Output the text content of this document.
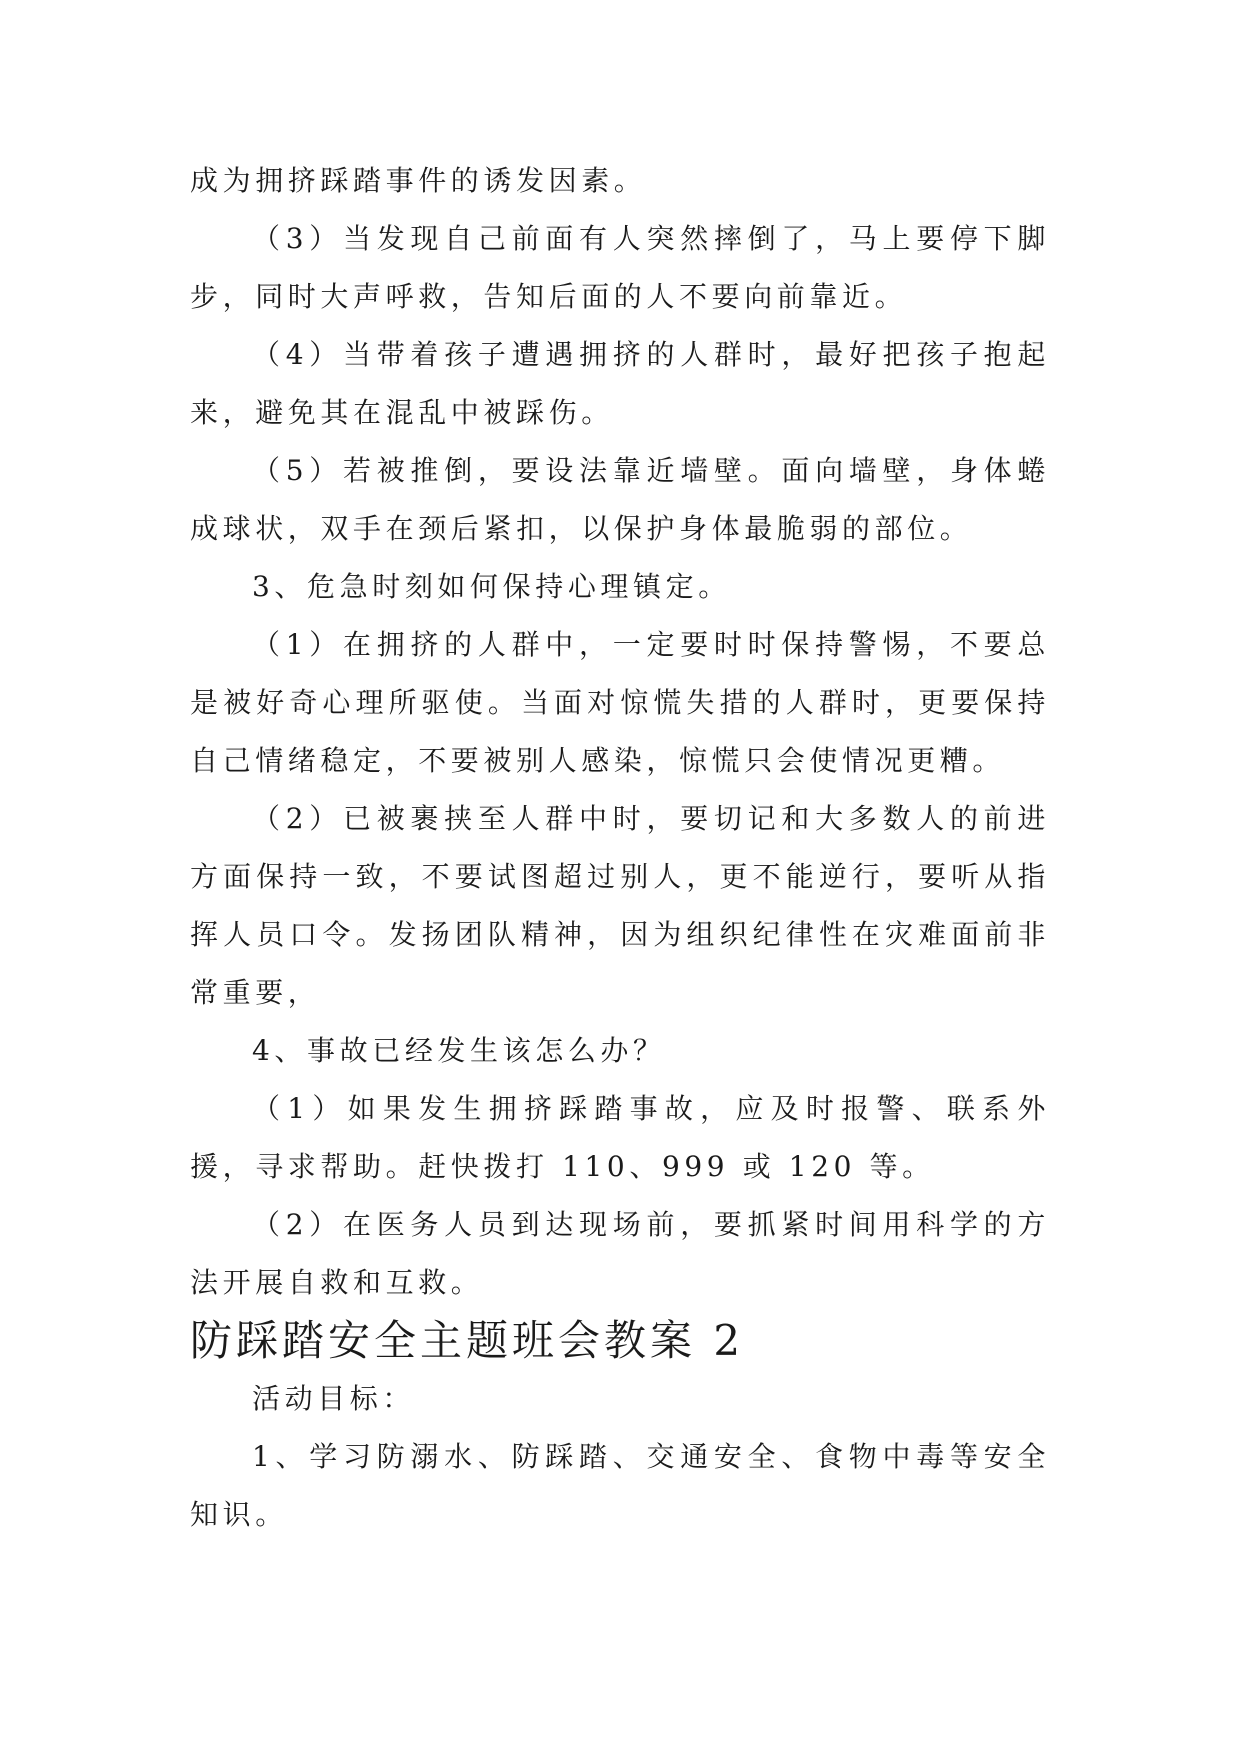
成为拥挤踩踏事件的诱发因素。

（3）当发现自己前面有人突然摔倒了，马上要停下脚步，同时大声呼救，告知后面的人不要向前靠近。

（4）当带着孩子遭遇拥挤的人群时，最好把孩子抱起来，避免其在混乱中被踩伤。

（5）若被推倒，要设法靠近墙壁。面向墙壁，身体蜷成球状，双手在颈后紧扣，以保护身体最脆弱的部位。

3、危急时刻如何保持心理镇定。

（1）在拥挤的人群中，一定要时时保持警惕，不要总是被好奇心理所驱使。当面对惊慌失措的人群时，更要保持自己情绪稳定，不要被别人感染，惊慌只会使情况更糟。

（2）已被裹挟至人群中时，要切记和大多数人的前进方面保持一致，不要试图超过别人，更不能逆行，要听从指挥人员口令。发扬团队精神，因为组织纪律性在灾难面前非常重要，

4、事故已经发生该怎么办？

（1）如果发生拥挤踩踏事故，应及时报警、联系外援，寻求帮助。赶快拨打 110、999 或 120 等。

（2）在医务人员到达现场前，要抓紧时间用科学的方法开展自救和互救。

防踩踏安全主题班会教案 2

活动目标：

1、学习防溺水、防踩踏、交通安全、食物中毒等安全知识。
